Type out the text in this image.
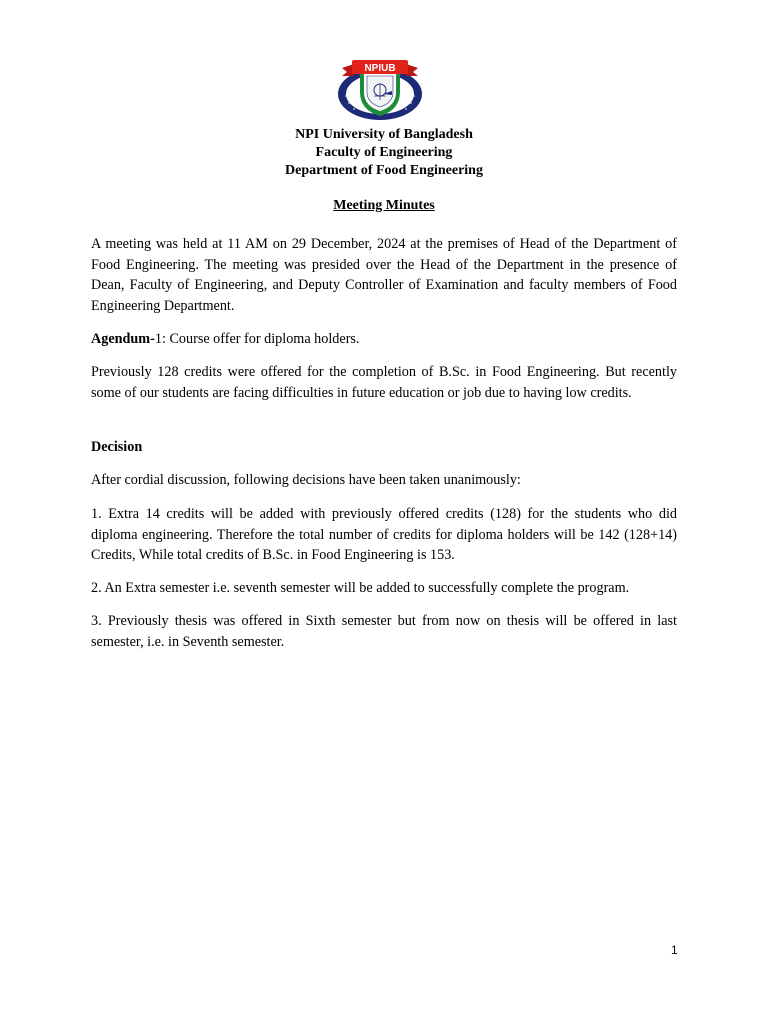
NPIUB
NPI University of Bangladesh
Faculty of Engineering
Department of Food Engineering
Meeting Minutes

A meeting was held at 11 AM on 29 December, 2024 at the premises of Head of the Department of Food Engineering. The meeting was presided over the Head of the Department in the presence of Dean, Faculty of Engineering, and Deputy Controller of Examination and faculty members of Food Engineering Department.

Agendum-1: Course offer for diploma holders.

Previously 128 credits were offered for the completion of B.Sc. in Food Engineering. But recently some of our students are facing difficulties in future education or job due to having low credits.

Decision

After cordial discussion, following decisions have been taken unanimously:

1. Extra 14 credits will be added with previously offered credits (128) for the students who did diploma engineering. Therefore the total number of credits for diploma holders will be 142 (128+14) Credits, While total credits of B.Sc. in Food Engineering is 153.

2. An Extra semester i.e. seventh semester will be added to successfully complete the program.

3. Previously thesis was offered in Sixth semester but from now on thesis will be offered in last semester, i.e. in Seventh semester.

1
